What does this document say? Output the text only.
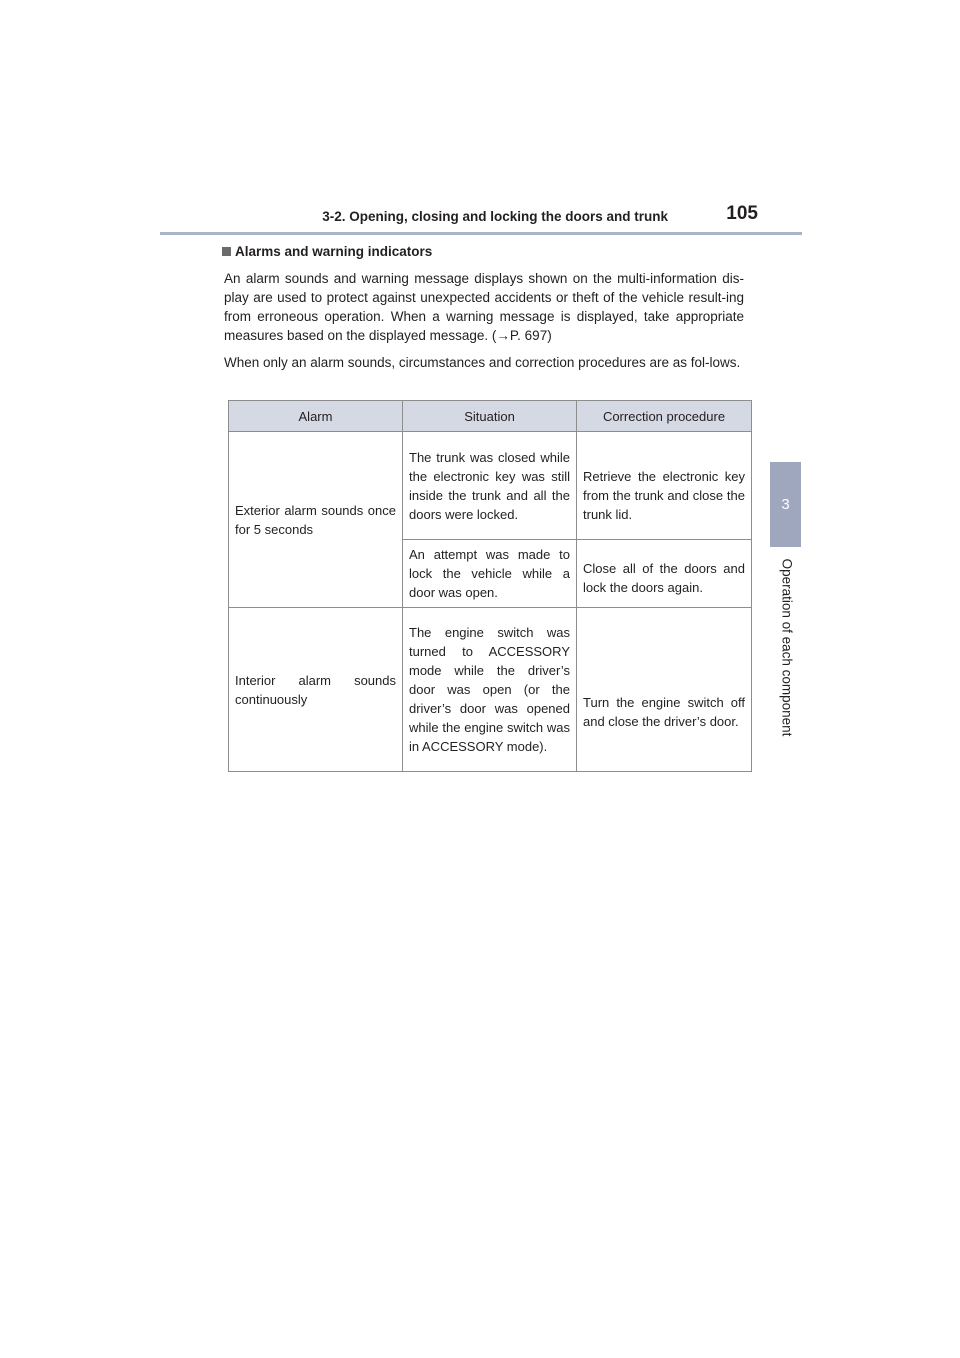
3-2. Opening, closing and locking the doors and trunk	105
3
Operation of each component
Alarms and warning indicators

An alarm sounds and warning message displays shown on the multi-information dis-play are used to protect against unexpected accidents or theft of the vehicle result-ing from erroneous operation. When a warning message is displayed, take appropriate measures based on the displayed message. (→P. 697)

When only an alarm sounds, circumstances and correction procedures are as fol-lows.

Alarm	Situation	Correction procedure
Exterior alarm sounds once for 5 seconds	The trunk was closed while the electronic key was still inside the trunk and all the doors were locked.	Retrieve the electronic key from the trunk and close the trunk lid.
	An attempt was made to lock the vehicle while a door was open.	Close all of the doors and lock the doors again.
Interior alarm sounds continuously	The engine switch was turned to ACCESSORY mode while the driver’s door was open (or the driver’s door was opened while the engine switch was in ACCESSORY mode).	Turn the engine switch off and close the driver’s door.
